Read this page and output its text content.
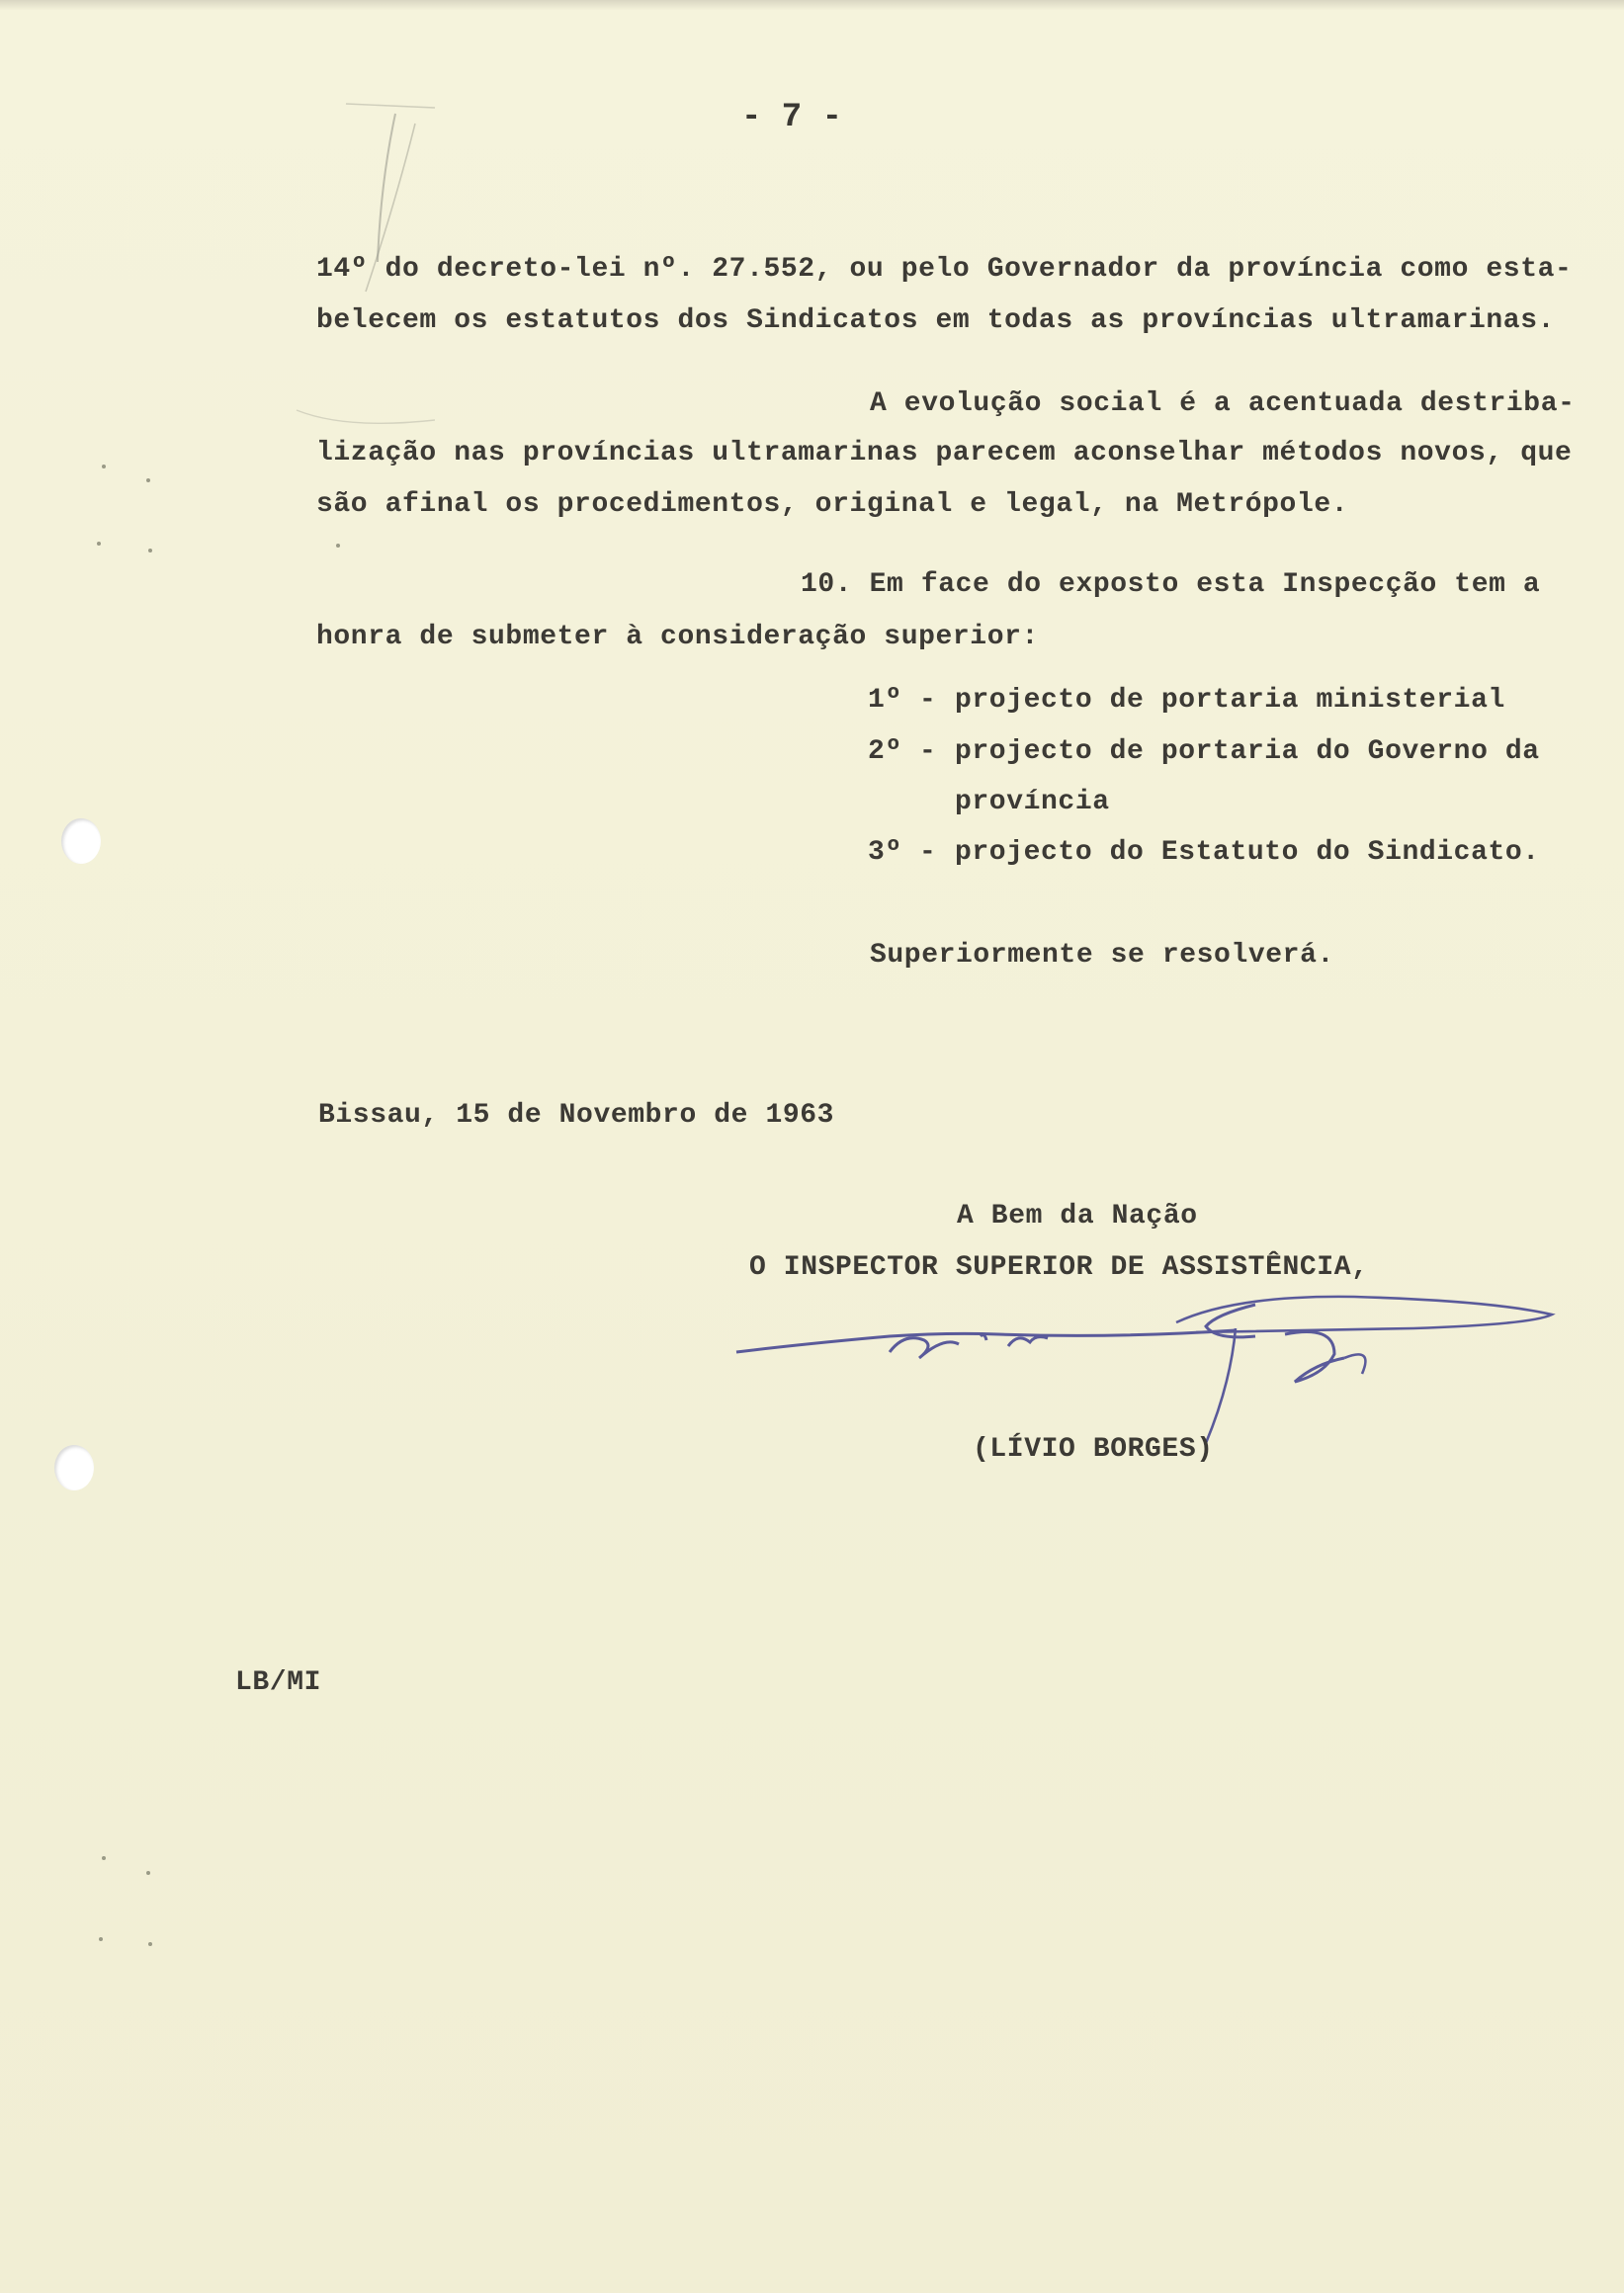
- 7 -
14º do decreto-lei nº. 27.552, ou pelo Governador da província como esta-
belecem os estatutos dos Sindicatos em todas as províncias ultramarinas.
A evolução social é a acentuada destriba-
lização nas províncias ultramarinas parecem aconselhar métodos novos, que
são afinal os procedimentos, original e legal, na Metrópole.
10. Em face do exposto esta Inspecção tem a
honra de submeter à consideração superior:
1º - projecto de portaria ministerial
2º - projecto de portaria do Governo da
província
3º - projecto do Estatuto do Sindicato.
Superiormente se resolverá.
Bissau, 15 de Novembro de 1963
A Bem da Nação
O INSPECTOR SUPERIOR DE ASSISTÊNCIA,
(LÍVIO BORGES)
LB/MI
